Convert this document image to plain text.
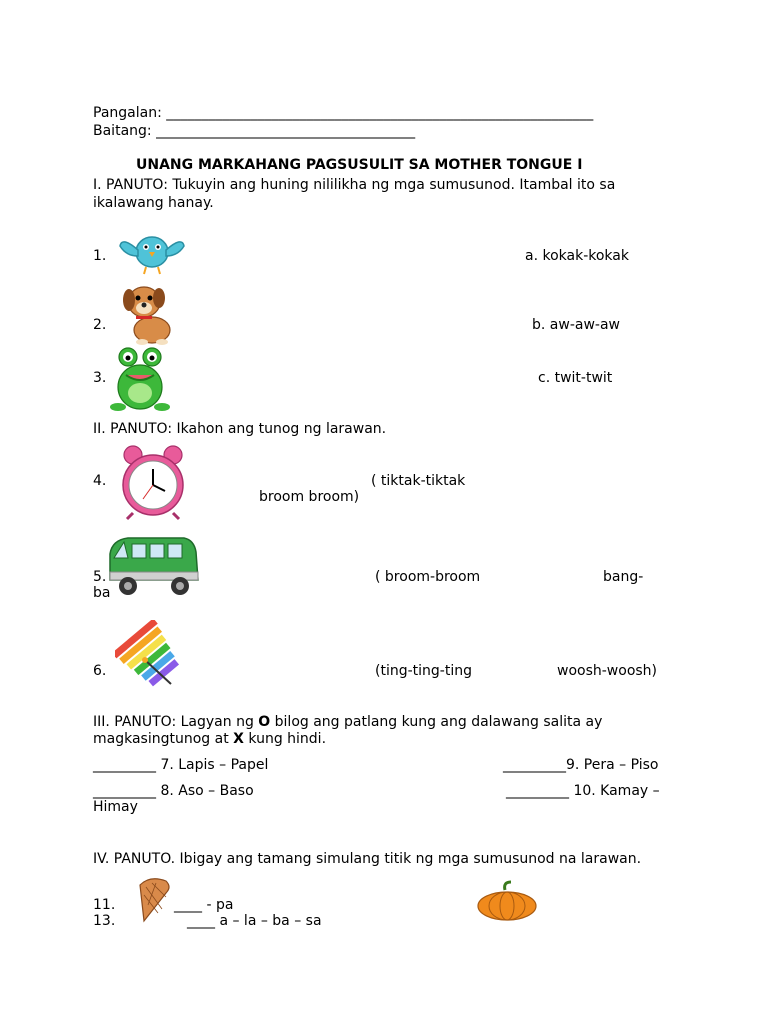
Pangalan: _____________________________________________________________
Baitang: _____________________________________
UNANG MARKAHANG PAGSUSULIT SA MOTHER TONGUE I
I. PANUTO: Tukuyin ang huning nililikha ng mga sumusunod. Itambal ito sa
ikalawang hanay.
1.	a. kokak-kokak
2.	b. aw-aw-aw
3.	c. twit-twit
II. PANUTO: Ikahon ang tunog ng larawan.
4.	( tiktak-tiktak
broom broom)
5.	( broom-broom	bang-
ba
6.	(ting-ting-ting	woosh-woosh)
III. PANUTO: Lagyan ng O bilog ang patlang kung ang dalawang salita ay
magkasingtunog at X kung hindi.
_________ 7. Lapis – Papel	_________9. Pera – Piso
_________ 8. Aso – Baso	_________ 10. Kamay –
Himay
IV. PANUTO. Ibigay ang tamang simulang titik ng mga sumusunod na larawan.
11.	____ - pa
13.	____ a – la – ba – sa
